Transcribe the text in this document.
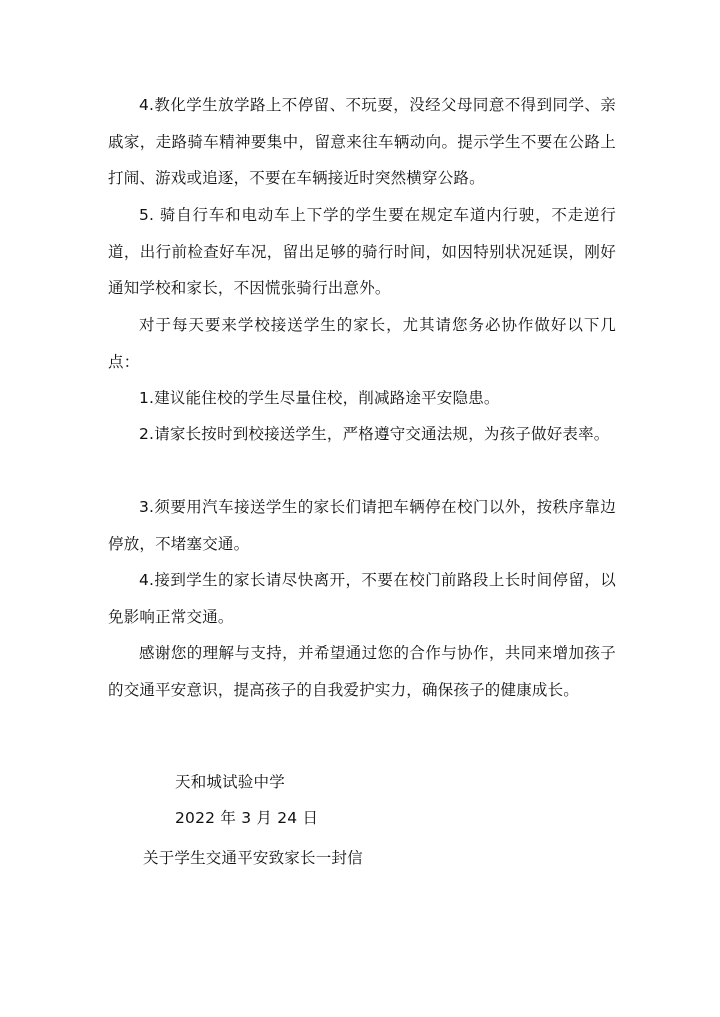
4.教化学生放学路上不停留、不玩耍，没经父母同意不得到同学、亲戚家，走路骑车精神要集中，留意来往车辆动向。提示学生不要在公路上打闹、游戏或追逐，不要在车辆接近时突然横穿公路。

5. 骑自行车和电动车上下学的学生要在规定车道内行驶，不走逆行道，出行前检查好车况，留出足够的骑行时间，如因特别状况延误，刚好通知学校和家长，不因慌张骑行出意外。

对于每天要来学校接送学生的家长，尤其请您务必协作做好以下几点：

1.建议能住校的学生尽量住校，削减路途平安隐患。

2.请家长按时到校接送学生，严格遵守交通法规，为孩子做好表率。

3.须要用汽车接送学生的家长们请把车辆停在校门以外，按秩序靠边停放，不堵塞交通。

4.接到学生的家长请尽快离开，不要在校门前路段上长时间停留，以免影响正常交通。

感谢您的理解与支持，并希望通过您的合作与协作，共同来增加孩子的交通平安意识，提高孩子的自我爱护实力，确保孩子的健康成长。

天和城试验中学
2022 年 3 月 24 日
关于学生交通平安致家长一封信
